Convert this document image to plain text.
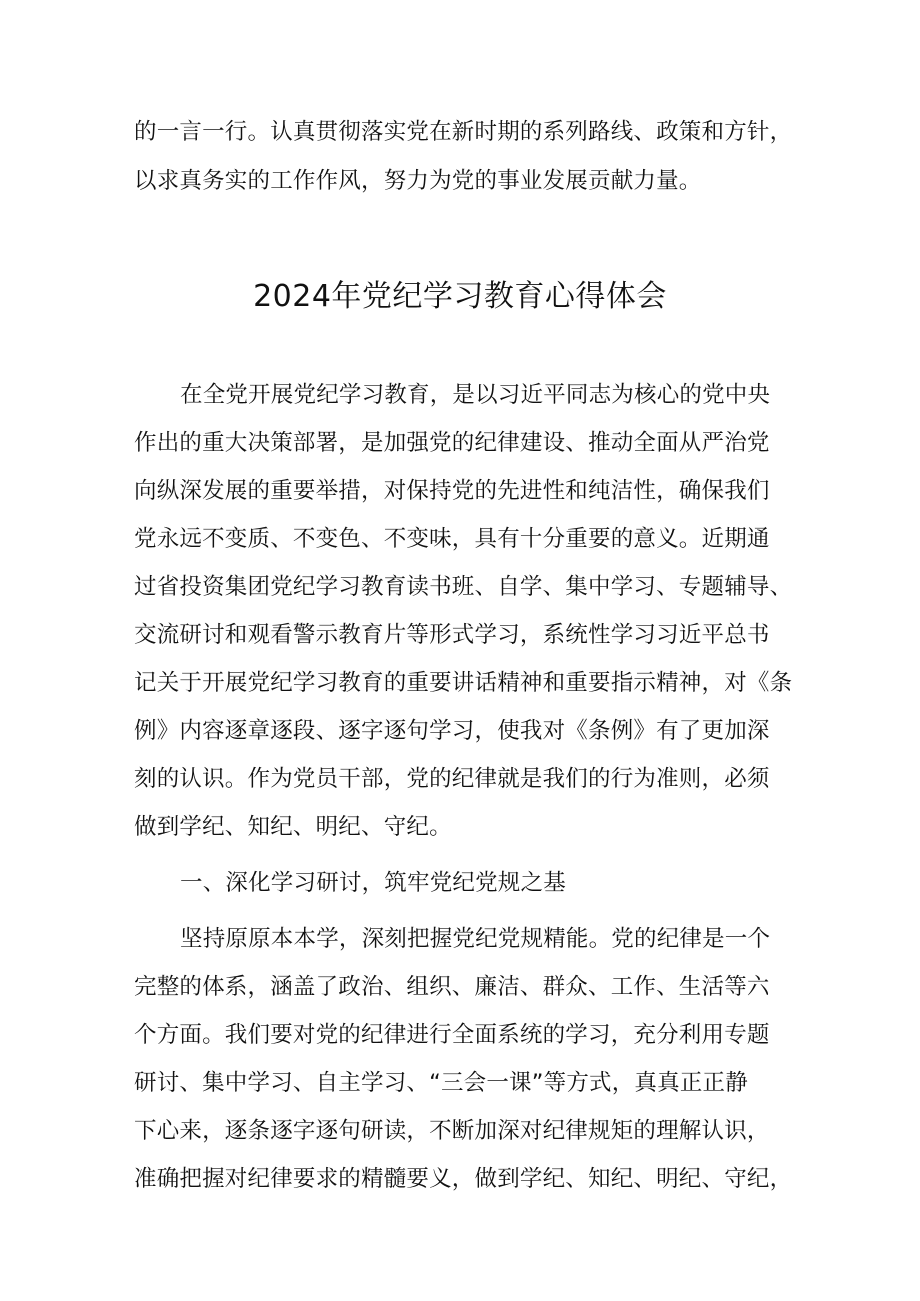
的一言一行。认真贯彻落实党在新时期的系列路线、政策和方针，
以求真务实的工作作风，努力为党的事业发展贡献力量。
2024年党纪学习教育心得体会
在全党开展党纪学习教育，是以习近平同志为核心的党中央
作出的重大决策部署，是加强党的纪律建设、推动全面从严治党
向纵深发展的重要举措，对保持党的先进性和纯洁性，确保我们
党永远不变质、不变色、不变味，具有十分重要的意义。近期通
过省投资集团党纪学习教育读书班、自学、集中学习、专题辅导、
交流研讨和观看警示教育片等形式学习，系统性学习习近平总书
记关于开展党纪学习教育的重要讲话精神和重要指示精神，对《条
例》内容逐章逐段、逐字逐句学习，使我对《条例》有了更加深
刻的认识。作为党员干部，党的纪律就是我们的行为准则，必须
做到学纪、知纪、明纪、守纪。
一、深化学习研讨，筑牢党纪党规之基
坚持原原本本学，深刻把握党纪党规精能。党的纪律是一个
完整的体系，涵盖了政治、组织、廉洁、群众、工作、生活等六
个方面。我们要对党的纪律进行全面系统的学习，充分利用专题
研讨、集中学习、自主学习、“三会一课”等方式，真真正正静
下心来，逐条逐字逐句研读，不断加深对纪律规矩的理解认识，
准确把握对纪律要求的精髓要义，做到学纪、知纪、明纪、守纪，
